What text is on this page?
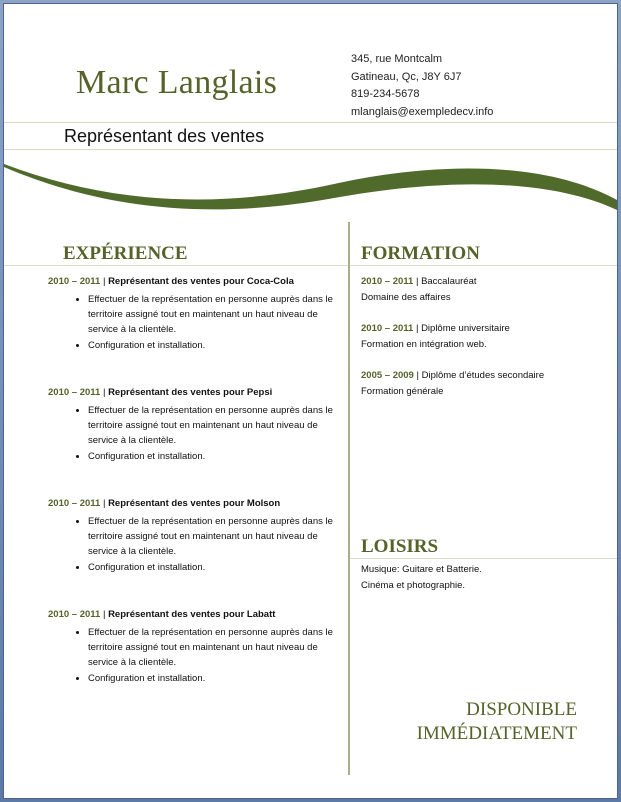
Marc Langlais
345, rue Montcalm
Gatineau, Qc, J8Y 6J7
819-234-5678
mlanglais@exempledecv.info
Représentant des ventes
EXPÉRIENCE	FORMATION
2010 – 2011 | Représentant des ventes pour Coca-Cola
• Effectuer de la représentation en personne auprès dans le territoire assigné tout en maintenant un haut niveau de service à la clientèle.
• Configuration et installation.
2010 – 2011 | Représentant des ventes pour Pepsi
• Effectuer de la représentation en personne auprès dans le territoire assigné tout en maintenant un haut niveau de service à la clientèle.
• Configuration et installation.
2010 – 2011 | Représentant des ventes pour Molson
• Effectuer de la représentation en personne auprès dans le territoire assigné tout en maintenant un haut niveau de service à la clientèle.
• Configuration et installation.
2010 – 2011 | Représentant des ventes pour Labatt
• Effectuer de la représentation en personne auprès dans le territoire assigné tout en maintenant un haut niveau de service à la clientèle.
• Configuration et installation.
2010 – 2011 | Baccalauréat
Domaine des affaires
2010 – 2011 | Diplôme universitaire
Formation en intégration web.
2005 – 2009 | Diplôme d’études secondaire
Formation générale
LOISIRS
Musique: Guitare et Batterie.
Cinéma et photographie.
DISPONIBLE
IMMÉDIATEMENT
